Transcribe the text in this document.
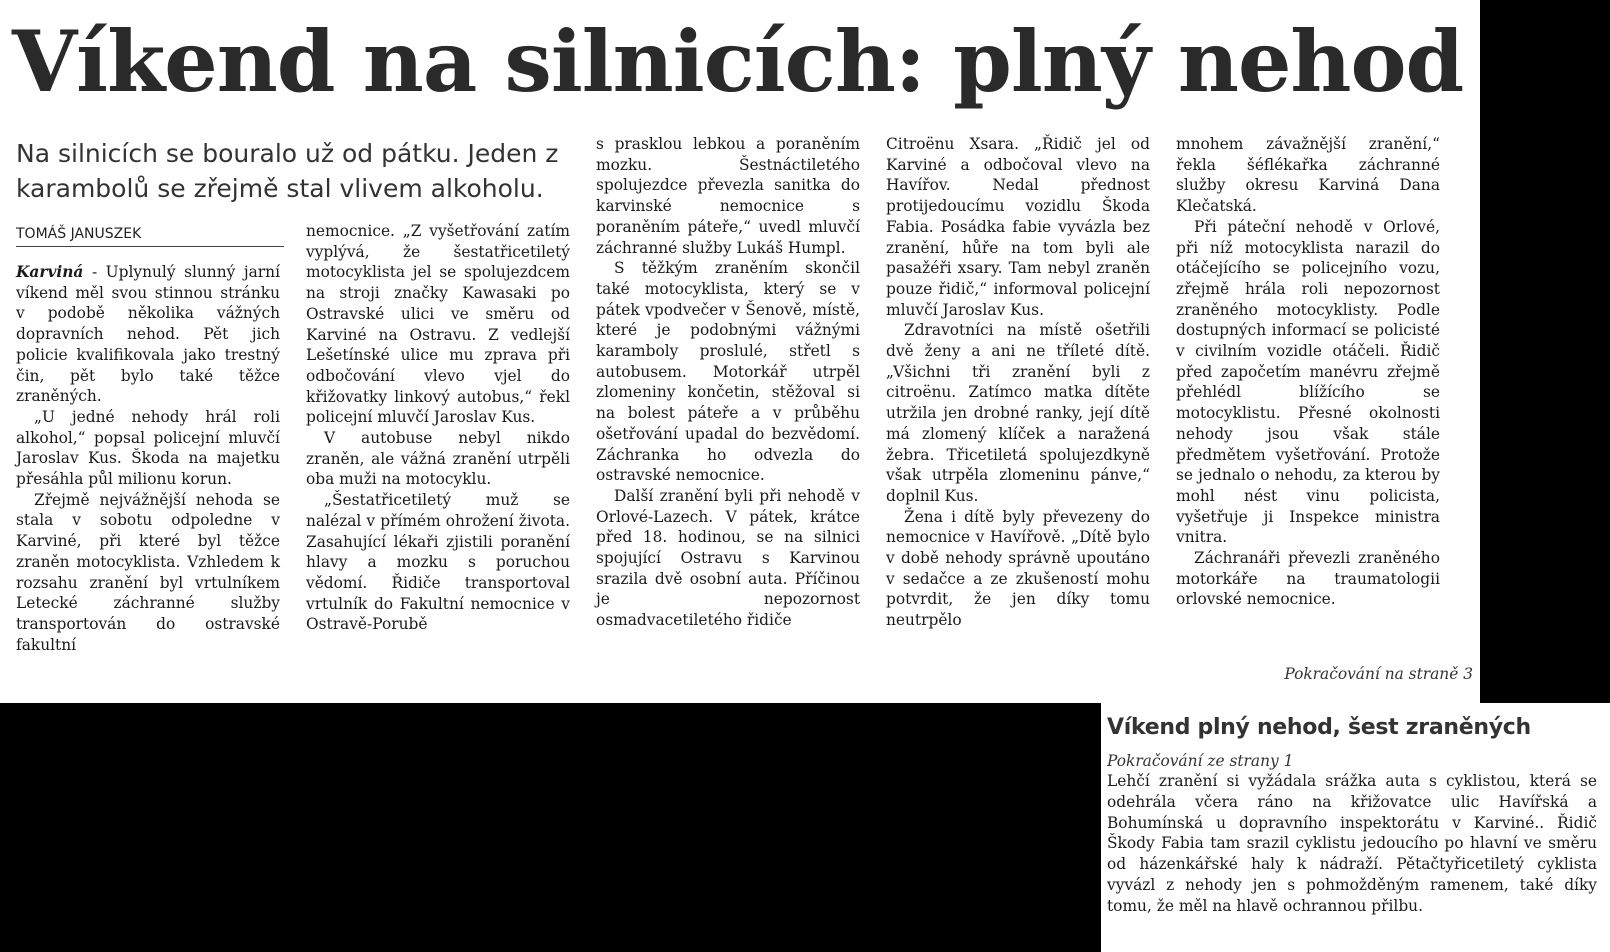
Víkend na silnicích: plný nehod
Na silnicích se bouralo už od pátku. Jeden z karambolů se zřejmě stal vlivem alkoholu.
TOMÁŠ JANUSZEK

Karviná - Uplynulý slunný jarní víkend měl svou stinnou stránku v podobě několika vážných dopravních nehod. Pět jich policie kvalifikovala jako trestný čin, pět bylo také těžce zraněných.

„U jedné nehody hrál roli alkohol,“ popsal policejní mluvčí Jaroslav Kus. Škoda na majetku přesáhla půl milionu korun.

Zřejmě nejvážnější nehoda se stala v sobotu odpoledne v Karviné, při které byl těžce zraněn motocyklista. Vzhledem k rozsahu zranění byl vrtulníkem Letecké záchranné služby transportován do ostravské fakultní

nemocnice. „Z vyšetřování zatím vyplývá, že šestatřicetiletý motocyklista jel se spolujezdcem na stroji značky Kawasaki po Ostravské ulici ve směru od Karviné na Ostravu. Z vedlejší Lešetínské ulice mu zprava při odbočování vlevo vjel do křižovatky linkový autobus,“ řekl policejní mluvčí Jaroslav Kus.

V autobuse nebyl nikdo zraněn, ale vážná zranění utrpěli oba muži na motocyklu.

„Šestatřicetiletý muž se nalézal v přímém ohrožení života. Zasahující lékaři zjistili poranění hlavy a mozku s poruchou vědomí. Řidiče transportoval vrtulník do Fakultní nemocnice v Ostravě-Porubě

s prasklou lebkou a poraněním mozku. Šestnáctiletého spolujezdce převezla sanitka do karvinské nemocnice s poraněním páteře,“ uvedl mluvčí záchranné služby Lukáš Humpl.

S těžkým zraněním skončil také motocyklista, který se v pátek vpodvečer v Šenově, místě, které je podobnými vážnými karamboly proslulé, střetl s autobusem. Motorkář utrpěl zlomeniny končetin, stěžoval si na bolest páteře a v průběhu ošetřování upadal do bezvědomí. Záchranka ho odvezla do ostravské nemocnice.

Další zranění byli při nehodě v Orlové-Lazech. V pátek, krátce před 18. hodinou, se na silnici spojující Ostravu s Karvinou srazila dvě osobní auta. Příčinou je nepozornost osmadvacetiletého řidiče

Citroënu Xsara. „Řidič jel od Karviné a odbočoval vlevo na Havířov. Nedal přednost protijedoucímu vozidlu Škoda Fabia. Posádka fabie vyvázla bez zranění, hůře na tom byli ale pasažéři xsary. Tam nebyl zraněn pouze řidič,“ informoval policejní mluvčí Jaroslav Kus.

Zdravotníci na místě ošetřili dvě ženy a ani ne tříleté dítě. „Všichni tři zranění byli z citroënu. Zatímco matka dítěte utržila jen drobné ranky, její dítě má zlomený klíček a naražená žebra. Třicetiletá spolujezdkyně však utrpěla zlomeninu pánve,“ doplnil Kus.

Žena i dítě byly převezeny do nemocnice v Havířově. „Dítě bylo v době nehody správně upoutáno v sedačce a ze zkušeností mohu potvrdit, že jen díky tomu neutrpělo

mnohem závažnější zranění,“ řekla šéflékařka záchranné služby okresu Karviná Dana Klečatská.

Při páteční nehodě v Orlové, při níž motocyklista narazil do otáčejícího se policejního vozu, zřejmě hrála roli nepozornost zraněného motocyklisty. Podle dostupných informací se policisté v civilním vozidle otáčeli. Řidič před započetím manévru zřejmě přehlédl blížícího se motocyklistu. Přesné okolnosti nehody jsou však stále předmětem vyšetřování. Protože se jednalo o nehodu, za kterou by mohl nést vinu policista, vyšetřuje ji Inspekce ministra vnitra.

Záchranáři převezli zraněného motorkáře na traumatologii orlovské nemocnice.

Pokračování na straně 3
Víkend plný nehod, šest zraněných
Pokračování ze strany 1

Lehčí zranění si vyžádala srážka auta s cyklistou, která se odehrála včera ráno na křižovatce ulic Havířská a Bohumínská u dopravního inspektorátu v Karviné.. Řidič Škody Fabia tam srazil cyklistu jedoucího po hlavní ve směru od házenkářské haly k nádraží. Pětačtyřicetiletý cyklista vyvázl z nehody jen s pohmožděným ramenem, také díky tomu, že měl na hlavě ochrannou přilbu.
